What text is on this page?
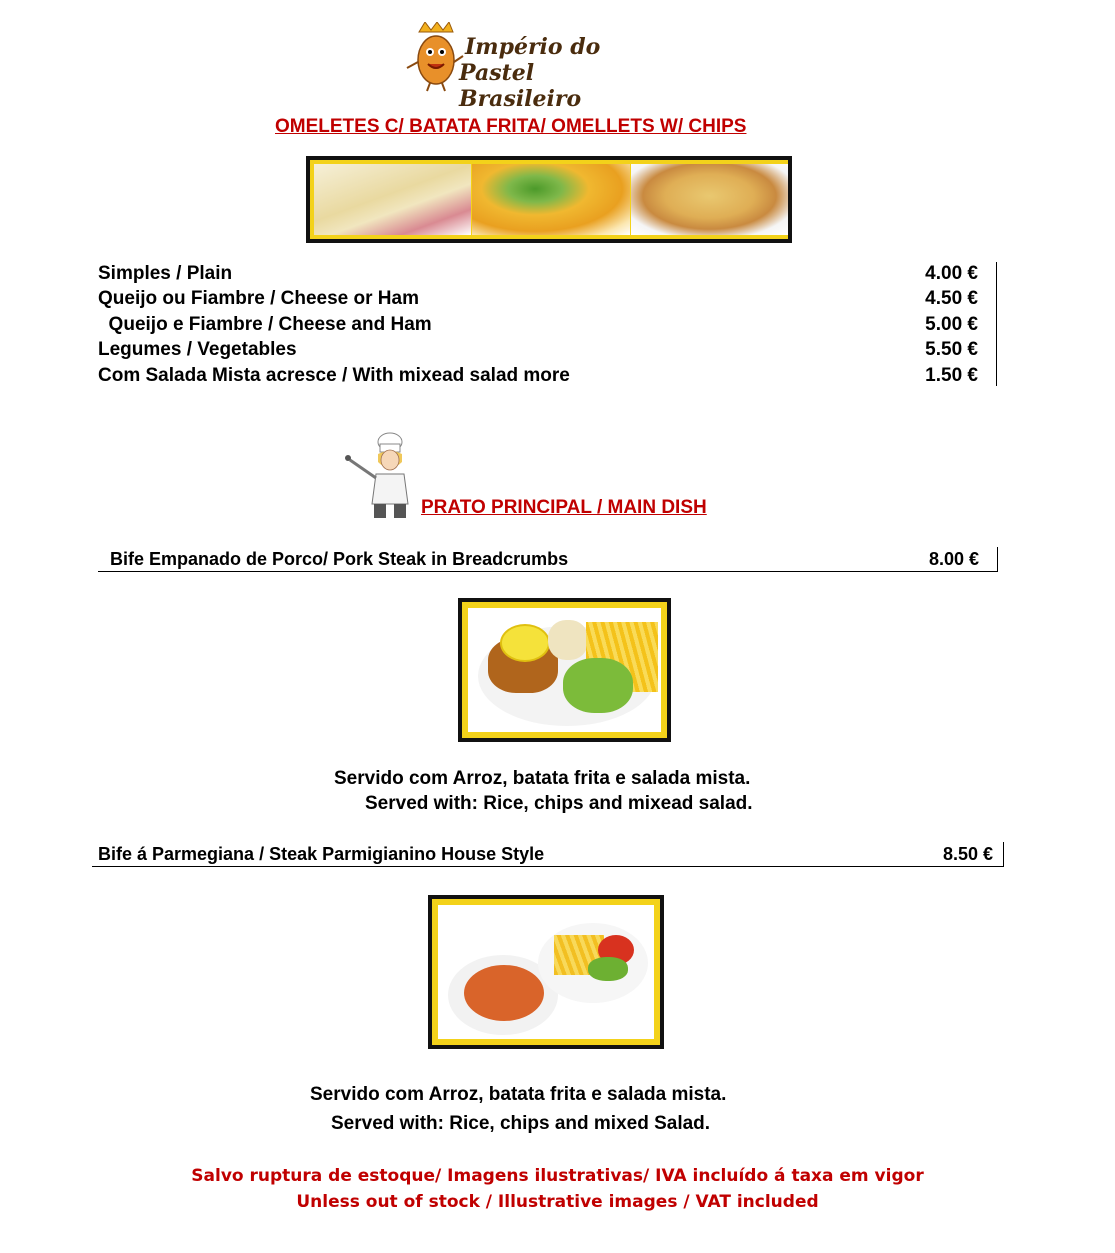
Império do
Pastel Brasileiro
OMELETES C/ BATATA FRITA/ OMELLETS W/ CHIPS
Simples / Plain	4.00 €
Queijo ou Fiambre / Cheese or Ham	4.50 €
Queijo e Fiambre / Cheese and Ham	5.00 €
Legumes / Vegetables	5.50 €
Com Salada Mista acresce / With mixead salad more	1.50 €
PRATO PRINCIPAL / MAIN DISH
Bife Empanado de Porco/ Pork Steak in Breadcrumbs	8.00 €
Servido com Arroz, batata frita e salada mista.
Served with: Rice, chips and mixead salad.
Bife á Parmegiana / Steak Parmigianino House Style	8.50 €
Servido com Arroz, batata frita e salada mista.
Served with: Rice, chips and mixed Salad.
Salvo ruptura de estoque/ Imagens ilustrativas/ IVA incluído á taxa em vigor
Unless out of stock / Illustrative images / VAT included
